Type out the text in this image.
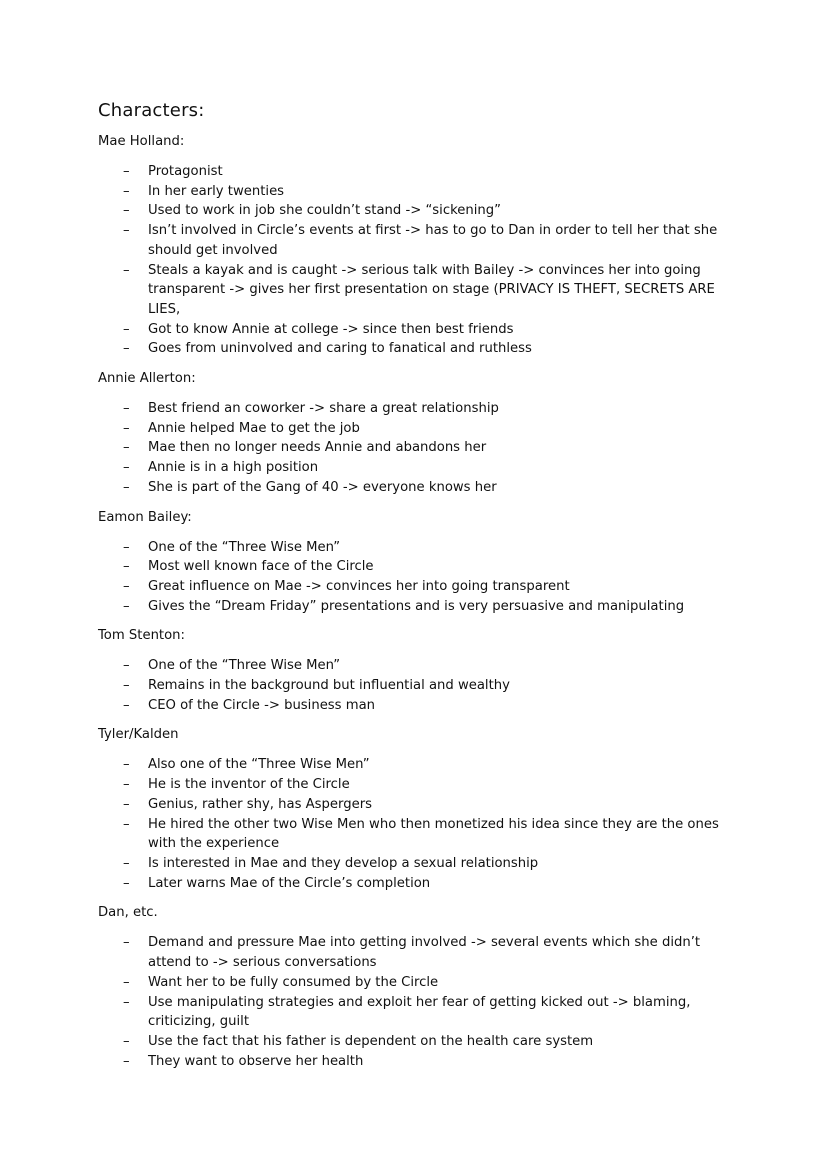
Characters:
Mae Holland:
–	Protagonist
–	In her early twenties
–	Used to work in job she couldn’t stand -> “sickening”
–	Isn’t involved in Circle’s events at first -> has to go to Dan in order to tell her that she should get involved
–	Steals a kayak and is caught -> serious talk with Bailey -> convinces her into going transparent -> gives her first presentation on stage (PRIVACY IS THEFT, SECRETS ARE LIES,
–	Got to know Annie at college -> since then best friends
–	Goes from uninvolved and caring to fanatical and ruthless
Annie Allerton:
–	Best friend an coworker -> share a great relationship
–	Annie helped Mae to get the job
–	Mae then no longer needs Annie and abandons her
–	Annie is in a high position
–	She is part of the Gang of 40 -> everyone knows her
Eamon Bailey:
–	One of the “Three Wise Men”
–	Most well known face of the Circle
–	Great influence on Mae -> convinces her into going transparent
–	Gives the “Dream Friday” presentations and is very persuasive and manipulating
Tom Stenton:
–	One of the “Three Wise Men”
–	Remains in the background but influential and wealthy
–	CEO of the Circle -> business man
Tyler/Kalden
–	Also one of the “Three Wise Men”
–	He is the inventor of the Circle
–	Genius, rather shy, has Aspergers
–	He hired the other two Wise Men who then monetized his idea since they are the ones with the experience
–	Is interested in Mae and they develop a sexual relationship
–	Later warns Mae of the Circle’s completion
Dan, etc.
–	Demand and pressure Mae into getting involved -> several events which she didn’t attend to -> serious conversations
–	Want her to be fully consumed by the Circle
–	Use manipulating strategies and exploit her fear of getting kicked out -> blaming, criticizing, guilt
–	Use the fact that his father is dependent on the health care system
–	They want to observe her health
